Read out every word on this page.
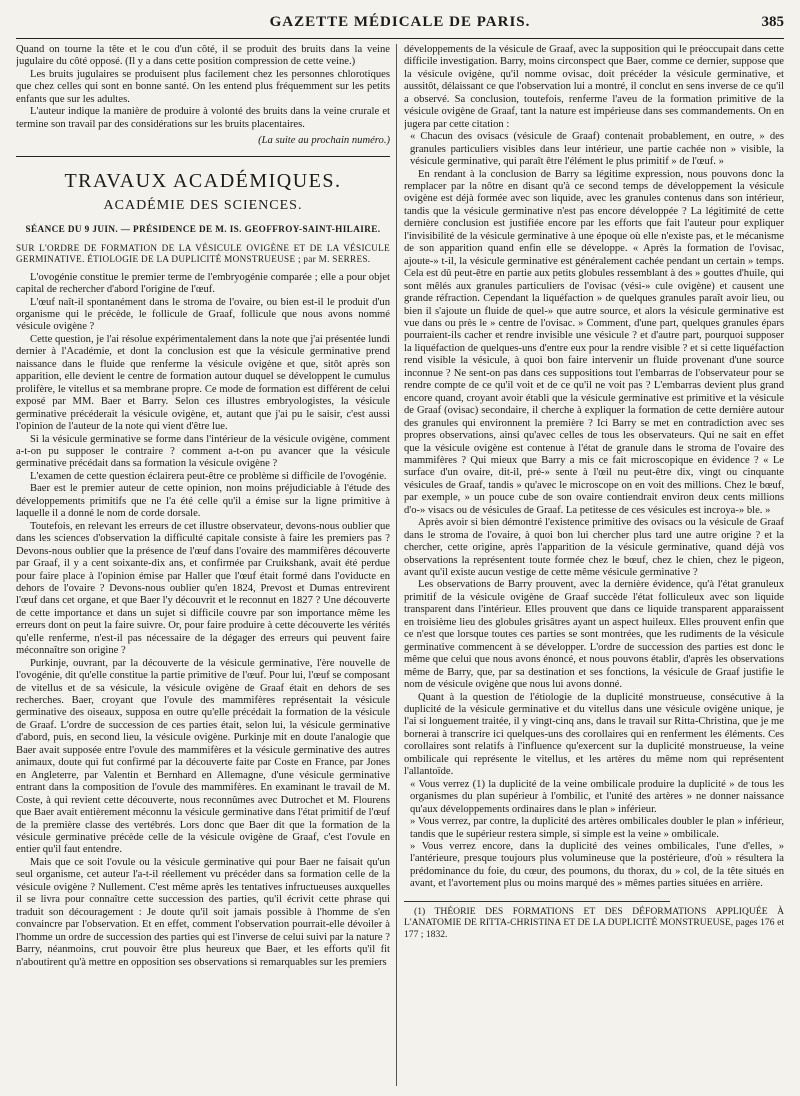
GAZETTE MÉDICALE DE PARIS.	385

Quand on tourne la tête et le cou d'un côté, il se produit des bruits dans la veine jugulaire du côté opposé. (Il y a dans cette position compression de cette veine.)

Les bruits jugulaires se produisent plus facilement chez les personnes chlorotiques que chez celles qui sont en bonne santé. On les entend plus fréquemment sur les petits enfants que sur les adultes.

L'auteur indique la manière de produire à volonté des bruits dans la veine crurale et termine son travail par des considérations sur les bruits placentaires.

(La suite au prochain numéro.)
TRAVAUX ACADÉMIQUES.
ACADÉMIE DES SCIENCES.
SÉANCE DU 9 JUIN. — PRÉSIDENCE DE M. IS. GEOFFROY-SAINT-HILAIRE.

SUR L'ORDRE DE FORMATION DE LA VÉSICULE OVIGÈNE ET DE LA VÉSICULE GERMINATIVE. ÉTIOLOGIE DE LA DUPLICITÉ MONSTRUEUSE ; par M. SERRES.

L'ovogénie constitue le premier terme de l'embryogénie comparée ; elle a pour objet capital de rechercher d'abord l'origine de l'œuf.

L'œuf naît-il spontanément dans le stroma de l'ovaire, ou bien est-il le produit d'un organisme qui le précède, le follicule de Graaf, follicule que nous avons nommé vésicule ovigène ?

Cette question, je l'ai résolue expérimentalement dans la note que j'ai présentée lundi dernier à l'Académie, et dont la conclusion est que la vésicule germinative prend naissance dans le fluide que renferme la vésicule ovigène et que, sitôt après son apparition, elle devient le centre de formation autour duquel se développent le cumulus prolifère, le vitellus et sa membrane propre. Ce mode de formation est différent de celui exposé par MM. Baer et Barry. Selon ces illustres embryologistes, la vésicule germinative précéderait la vésicule ovigène, et, autant que j'ai pu le saisir, c'est aussi l'opinion de l'auteur de la note qui vient d'être lue.

Si la vésicule germinative se forme dans l'intérieur de la vésicule ovigène, comment a-t-on pu supposer le contraire ? comment a-t-on pu avancer que la vésicule germinative précédait dans sa formation la vésicule ovigène ?

L'examen de cette question éclairera peut-être ce problème si difficile de l'ovogénie.

Baer est le premier auteur de cette opinion, non moins préjudiciable à l'étude des développements primitifs que ne l'a été celle qu'il a émise sur la ligne primitive à laquelle il a donné le nom de corde dorsale.

Toutefois, en relevant les erreurs de cet illustre observateur, devons-nous oublier que dans les sciences d'observation la difficulté capitale consiste à faire les premiers pas ? Devons-nous oublier que la présence de l'œuf dans l'ovaire des mammifères découverte par Graaf, il y a cent soixante-dix ans, et confirmée par Cruikshank, avait été perdue pour faire place à l'opinion émise par Haller que l'œuf était formé dans l'oviducte en dehors de l'ovaire ? Devons-nous oublier qu'en 1824, Prevost et Dumas entrevirent l'œuf dans cet organe, et que Baer l'y découvrit et le reconnut en 1827 ? Une découverte de cette importance et dans un sujet si difficile couvre par son importance même les erreurs dont on peut la faire suivre. Or, pour faire produire à cette découverte les vérités qu'elle renferme, n'est-il pas nécessaire de la dégager des erreurs qui peuvent faire méconnaître son origine ?

Purkinje, ouvrant, par la découverte de la vésicule germinative, l'ère nouvelle de l'ovogénie, dit qu'elle constitue la partie primitive de l'œuf. Pour lui, l'œuf se composant de vitellus et de sa vésicule, la vésicule ovigène de Graaf était en dehors de ses recherches. Baer, croyant que l'ovule des mammifères représentait la vésicule germinative des oiseaux, supposa en outre qu'elle précédait la formation de la vésicule de Graaf. L'ordre de succession de ces parties était, selon lui, la vésicule germinative d'abord, puis, en second lieu, la vésicule ovigène. Purkinje mit en doute l'analogie que Baer avait supposée entre l'ovule des mammifères et la vésicule germinative des autres animaux, doute qui fut confirmé par la découverte faite par Coste en France, par Jones en Angleterre, par Valentin et Bernhard en Allemagne, d'une vésicule germinative entrant dans la composition de l'ovule des mammifères. En examinant le travail de M. Coste, à qui revient cette découverte, nous reconnûmes avec Dutrochet et M. Flourens que Baer avait entièrement méconnu la vésicule germinative dans l'état primitif de l'œuf de la première classe des vertébrés. Lors donc que Baer dit que la formation de la vésicule germinative précède celle de la vésicule ovigène de Graaf, c'est l'ovule en entier qu'il faut entendre.

Mais que ce soit l'ovule ou la vésicule germinative qui pour Baer ne faisait qu'un seul organisme, cet auteur l'a-t-il réellement vu précéder dans sa formation celle de la vésicule ovigène ? Nullement. C'est même après les tentatives infructueuses auxquelles il se livra pour connaître cette succession des parties, qu'il écrivit cette phrase qui traduit son découragement : Je doute qu'il soit jamais possible à l'homme de s'en convaincre par l'observation. Et en effet, comment l'observation pourrait-elle dévoiler à l'homme un ordre de succession des parties qui est l'inverse de celui suivi par la nature ? Barry, néanmoins, crut pouvoir être plus heureux que Baer, et les efforts qu'il fit n'aboutirent qu'à mettre en opposition ses observations si remarquables sur les premiers

développements de la vésicule de Graaf, avec la supposition qui le préoccupait dans cette difficile investigation. Barry, moins circonspect que Baer, comme ce dernier, suppose que la vésicule ovigène, qu'il nomme ovisac, doit précéder la vésicule germinative, et aussitôt, délaissant ce que l'observation lui a montré, il conclut en sens inverse de ce qu'il a observé. Sa conclusion, toutefois, renferme l'aveu de la formation primitive de la vésicule ovigène de Graaf, tant la nature est impérieuse dans ses commandements. On en jugera par cette citation :

« Chacun des ovisacs (vésicule de Graaf) contenait probablement, en outre, » des granules particuliers visibles dans leur intérieur, une partie cachée non » visible, la vésicule germinative, qui paraît être l'élément le plus primitif » de l'œuf. »

En rendant à la conclusion de Barry sa légitime expression, nous pouvons donc la remplacer par la nôtre en disant qu'à ce second temps de développement la vésicule ovigène est déjà formée avec son liquide, avec les granules contenus dans son intérieur, tandis que la vésicule germinative n'est pas encore développée ? La légitimité de cette dernière conclusion est justifiée encore par les efforts que fait l'auteur pour expliquer l'invisibilité de la vésicule germinative à une époque où elle n'existe pas, et le mécanisme de son apparition quand enfin elle se développe. « Après la formation de l'ovisac, ajoute-» t-il, la vésicule germinative est généralement cachée pendant un certain » temps. Cela est dû peut-être en partie aux petits globules ressemblant à des » gouttes d'huile, qui sont mêlés aux granules particuliers de l'ovisac (vési-» cule ovigène) et causent une grande réfraction. Cependant la liquéfaction » de quelques granules paraît avoir lieu, ou bien il s'ajoute un fluide de quel-» que autre source, et alors la vésicule germinative est vue dans ou près le » centre de l'ovisac. » Comment, d'une part, quelques granules épars pourraient-ils cacher et rendre invisible une vésicule ? et d'autre part, pourquoi supposer la liquéfaction de quelques-uns d'entre eux pour la rendre visible ? et si cette liquéfaction rend visible la vésicule, à quoi bon faire intervenir un fluide provenant d'une source inconnue ? Ne sent-on pas dans ces suppositions tout l'embarras de l'observateur pour se rendre compte de ce qu'il voit et de ce qu'il ne voit pas ? L'embarras devient plus grand encore quand, croyant avoir établi que la vésicule germinative est primitive et la vésicule de Graaf (ovisac) secondaire, il cherche à expliquer la formation de cette dernière autour des granules qui environnent la première ? Ici Barry se met en contradiction avec ses propres observations, ainsi qu'avec celles de tous les observateurs. Qui ne sait en effet que la vésicule ovigène est contenue à l'état de granule dans le stroma de l'ovaire des mammifères ? Qui mieux que Barry a mis ce fait microscopique en évidence ? « Le surface d'un ovaire, dit-il, pré-» sente à l'œil nu peut-être dix, vingt ou cinquante vésicules de Graaf, tandis » qu'avec le microscope on en voit des millions. Chez le bœuf, par exemple, » un pouce cube de son ovaire contiendrait environ deux cents millions d'o-» visacs ou de vésicules de Graaf. La petitesse de ces vésicules est incroya-» ble. »

Après avoir si bien démontré l'existence primitive des ovisacs ou la vésicule de Graaf dans le stroma de l'ovaire, à quoi bon lui chercher plus tard une autre origine ? et la chercher, cette origine, après l'apparition de la vésicule germinative, quand déjà vos observations la représentent toute formée chez le bœuf, chez le chien, chez le pigeon, avant qu'il existe aucun vestige de cette même vésicule germinative ?

Les observations de Barry prouvent, avec la dernière évidence, qu'à l'état granuleux primitif de la vésicule ovigène de Graaf succède l'état folliculeux avec son liquide transparent dans l'intérieur. Elles prouvent que dans ce liquide transparent apparaissent en troisième lieu des globules grisâtres ayant un aspect huileux. Elles prouvent enfin que ce n'est que lorsque toutes ces parties se sont montrées, que les rudiments de la vésicule germinative commencent à se développer. L'ordre de succession des parties est donc le même que celui que nous avons énoncé, et nous pouvons établir, d'après les observations même de Barry, que, par sa destination et ses fonctions, la vésicule de Graaf justifie le nom de vésicule ovigène que nous lui avons donné.

Quant à la question de l'étiologie de la duplicité monstrueuse, consécutive à la duplicité de la vésicule germinative et du vitellus dans une vésicule ovigène unique, je l'ai si longuement traitée, il y vingt-cinq ans, dans le travail sur Ritta-Christina, que je me bornerai à transcrire ici quelques-uns des corollaires qui en renferment les éléments. Ces corollaires sont relatifs à l'influence qu'exercent sur la duplicité monstrueuse, la veine ombilicale qui représente le vitellus, et les artères du même nom qui représentent l'allantoïde.

« Vous verrez (1) la duplicité de la veine ombilicale produire la duplicité » de tous les organismes du plan supérieur à l'ombilic, et l'unité des artères » ne donner naissance qu'aux développements ordinaires dans le plan » inférieur.

» Vous verrez, par contre, la duplicité des artères ombilicales doubler le plan » inférieur, tandis que le supérieur restera simple, si simple est la veine » ombilicale.

» Vous verrez encore, dans la duplicité des veines ombilicales, l'une d'elles, » l'antérieure, presque toujours plus volumineuse que la postérieure, d'où » résultera la prédominance du foie, du cœur, des poumons, du thorax, du » col, de la tête situés en avant, et l'avortement plus ou moins marqué des » mêmes parties situées en arrière.

(1) THÉORIE DES FORMATIONS ET DES DÉFORMATIONS APPLIQUÉE À L'ANATOMIE DE RITTA-CHRISTINA ET DE LA DUPLICITÉ MONSTRUEUSE, pages 176 et 177 ; 1832.
